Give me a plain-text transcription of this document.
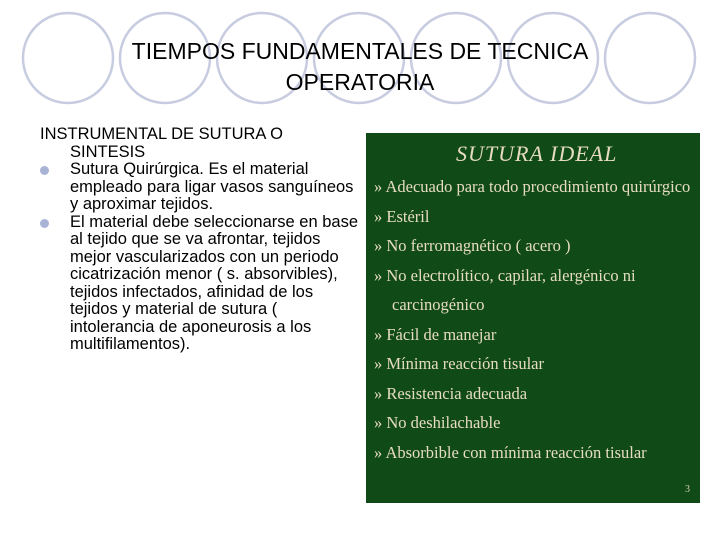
TIEMPOS FUNDAMENTALES DE TECNICA OPERATORIA
INSTRUMENTAL DE SUTURA O SINTESIS
Sutura Quirúrgica. Es el material empleado para ligar vasos sanguíneos y aproximar tejidos.
El material debe seleccionarse en base al tejido que se va afrontar, tejidos mejor vascularizados con un periodo cicatrización menor ( s. absorvibles), tejidos infectados, afinidad de los tejidos y material de sutura ( intolerancia de aponeurosis a los multifilamentos).
SUTURA IDEAL
» Adecuado para todo procedimiento quirúrgico
» Estéril
» No ferromagnético ( acero )
» No electrolítico, capilar, alergénico ni
carcinogénico
» Fácil de manejar
» Mínima reacción tisular
» Resistencia adecuada
» No deshilachable
» Absorbible con mínima reacción tisular
3
